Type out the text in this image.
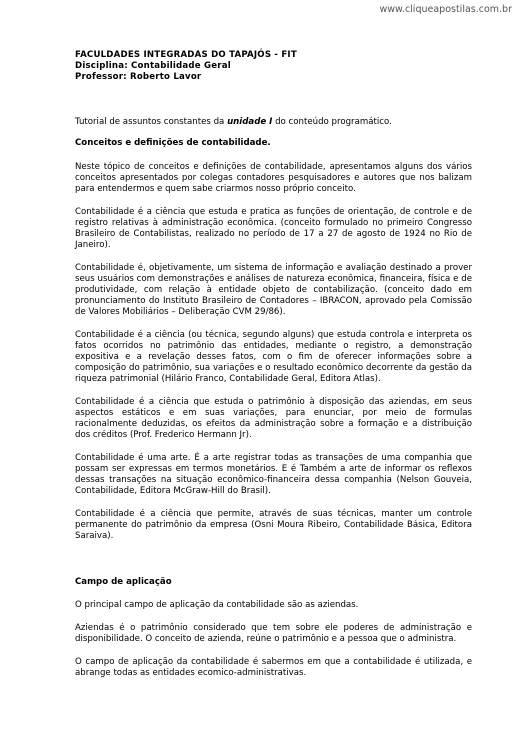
www.cliqueapostilas.com.br
FACULDADES INTEGRADAS DO TAPAJÓS - FIT
Disciplina: Contabilidade Geral
Professor: Roberto Lavor

Tutorial de assuntos constantes da unidade I do conteúdo programático.

Conceitos e definições de contabilidade.

Neste tópico de conceitos e definições de contabilidade, apresentamos alguns dos vários conceitos apresentados por colegas contadores pesquisadores e autores que nos balizam para entendermos e quem sabe criarmos nosso próprio conceito.

Contabilidade é a ciência que estuda e pratica as funções de orientação, de controle e de registro relativas à administração econômica. (conceito formulado no primeiro Congresso Brasileiro de Contabilistas, realizado no período de 17 a 27 de agosto de 1924 no Rio de Janeiro).

Contabilidade é, objetivamente, um sistema de informação e avaliação destinado a prover seus usuários com demonstrações e análises de natureza econômica, financeira, física e de produtividade, com relação à entidade objeto de contabilização. (conceito dado em pronunciamento do Instituto Brasileiro de Contadores – IBRACON, aprovado pela Comissão de Valores Mobiliários – Deliberação CVM 29/86).

Contabilidade é a ciência (ou técnica, segundo alguns) que estuda controla e interpreta os fatos ocorridos no patrimônio das entidades, mediante o registro, a demonstração expositiva e a revelação desses fatos, com o fim de oferecer informações sobre a composição do patrimônio, sua variações e o resultado econômico decorrente da gestão da riqueza patrimonial (Hilário Franco, Contabilidade Geral, Editora Atlas).

Contabilidade é a ciência que estuda o patrimônio à disposição das aziendas, em seus aspectos estáticos e em suas variações, para enunciar, por meio de formulas racionalmente deduzidas, os efeitos da administração sobre a formação e a distribuição dos créditos (Prof. Frederico Hermann Jr).

Contabilidade é uma arte. É a arte registrar todas as transações de uma companhia que possam ser expressas em termos monetários. E é Também a arte de informar os reflexos dessas transações na situação econômico-financeira dessa companhia (Nelson Gouveia, Contabilidade, Editora McGraw-Hill do Brasil).

Contabilidade é a ciência que permite, através de suas técnicas, manter um controle permanente do patrimônio da empresa (Osni Moura Ribeiro, Contabilidade Básica, Editora Saraiva).

Campo de aplicação

O principal campo de aplicação da contabilidade são as aziendas.

Aziendas é o patrimônio considerado que tem sobre ele poderes de administração e disponibilidade. O conceito de azienda, reúne o patrimônio e a pessoa que o administra.

O campo de aplicação da contabilidade é sabermos em que a contabilidade é utilizada, e abrange todas as entidades ecomico-administrativas.
